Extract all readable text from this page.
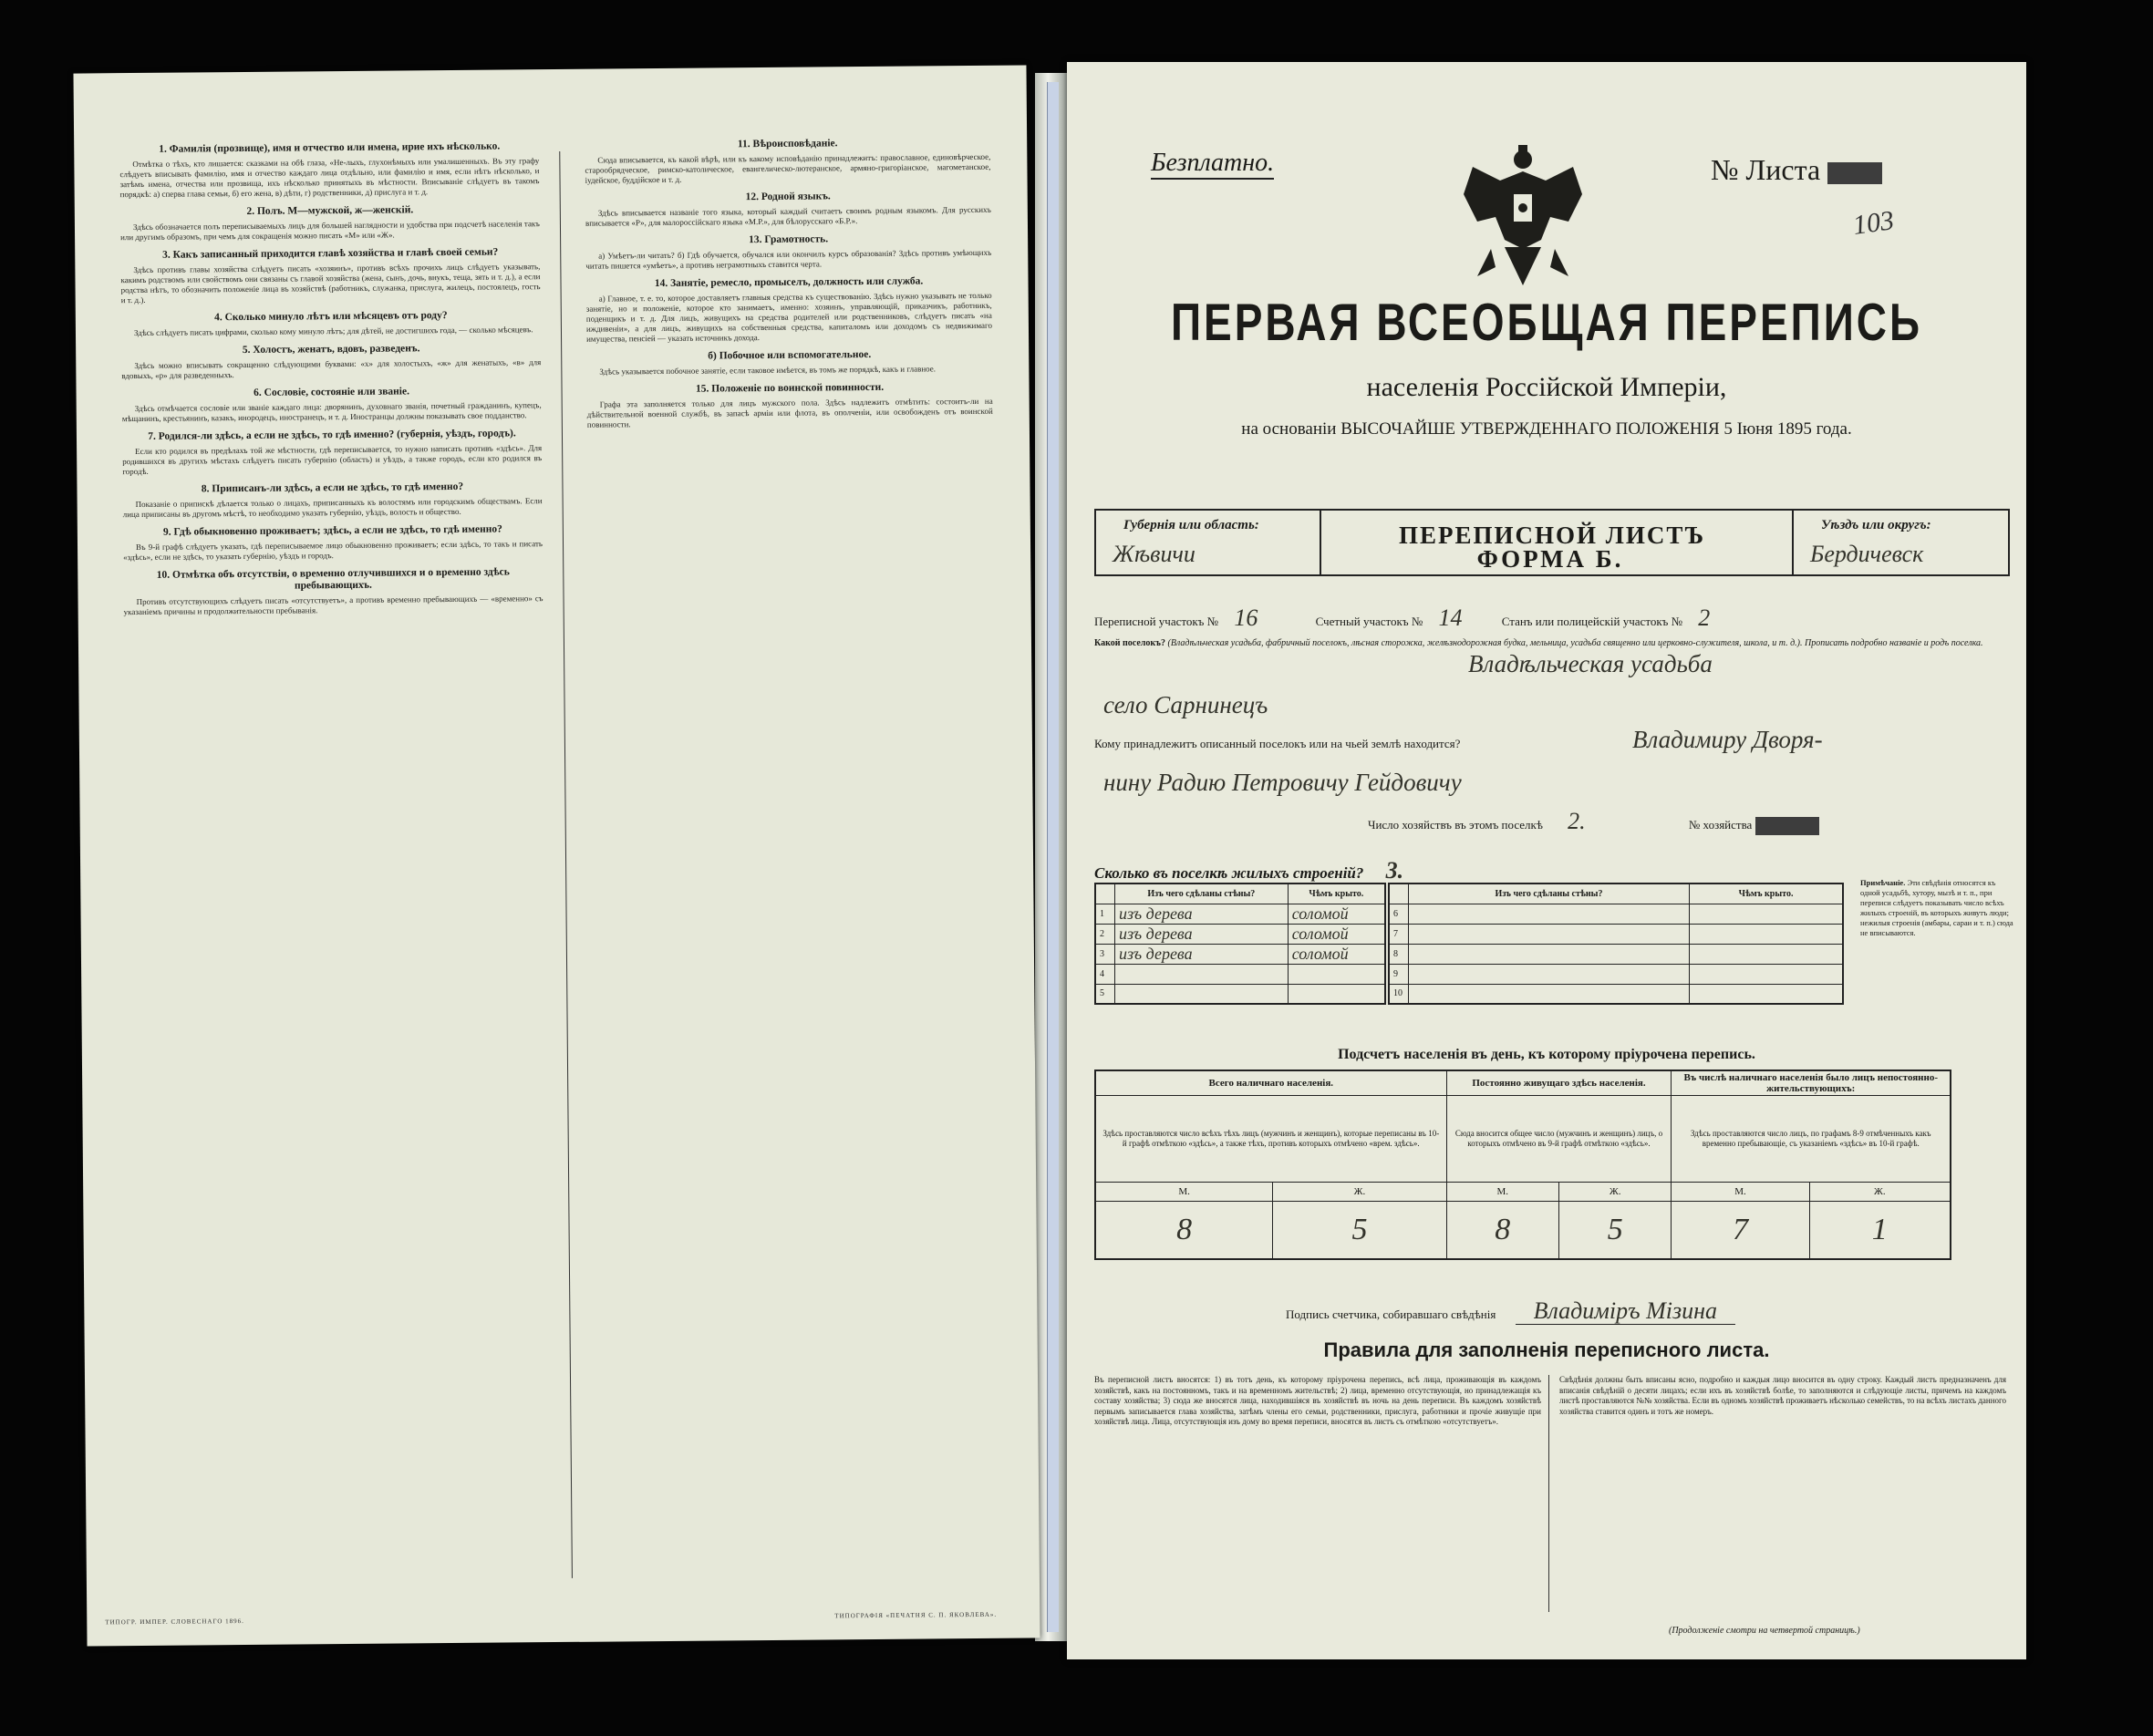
1. Фамилія (прозвище), имя и отчество или именa, ирие ихъ нѣсколько.
Отмѣтка о тѣхъ, кто лишается: сказками на обѣ глаза, «Не-лыхъ, глухонѣмыхъ или умалишенныхъ. Въ эту графу слѣдуетъ вписывать фамилію, имя и отчество каждаго лица отдѣльно, или фамилію и имя, если нѣтъ нѣсколько, и затѣмъ имена, отчества или прозвища, ихъ нѣсколько принятыхъ въ мѣстности. Вписываніе слѣдуетъ въ такомъ порядкѣ: а) сперва глава семьи, б) его жена, в) дѣти, г) родственники, д) прислуга и т. д.
2. Полъ. М—мужской, ж—женскій.
Здѣсь обозначается полъ переписываемыхъ лицъ для большей наглядности и удобства при подсчетѣ населенія такъ или другимъ образомъ, при чемъ для сокращенія можно писать «М» или «Ж».
3. Какъ записанный приходится главѣ хозяйства и главѣ своей семьи?
Здѣсь противъ главы хозяйства слѣдуетъ писать «хозяинъ», противъ всѣхъ прочихъ лицъ слѣдуетъ указывать, какимъ родствомъ или свойствомъ они связаны съ главой хозяйства (жена, сынъ, дочь, внукъ, теща, зять и т. д.), а если родства нѣтъ, то обозначить положеніе лица въ хозяйствѣ (работникъ, служанка, прислуга, жилецъ, постоялецъ, гость и т. д.).
4. Сколько минуло лѣтъ или мѣсяцевъ отъ роду?
Здѣсь слѣдуетъ писать цифрами, сколько кому минуло лѣтъ; для дѣтей, не достигшихъ года, — сколько мѣсяцевъ.
5. Холостъ, женатъ, вдовъ, разведенъ.
Здѣсь можно вписывать сокращенно слѣдующими буквами: «х» для холостыхъ, «ж» для женатыхъ, «в» для вдовыхъ, «р» для разведенныхъ.
6. Сословіе, состояніе или званіе.
Здѣсь отмѣчается сословіе или званіе каждаго лица: дворянинъ, духовнаго званія, почетный гражданинъ, купецъ, мѣщанинъ, крестьянинъ, казакъ, инородецъ, иностранецъ, и т. д. Иностранцы должны показывать свое подданство.
7. Родился-ли здѣсь, а если не здѣсь, то гдѣ именно? (губернія, уѣздъ, городъ).
Если кто родился въ предѣлахъ той же мѣстности, гдѣ переписывается, то нужно написать противъ «здѣсь». Для родившихся въ другихъ мѣстахъ слѣдуетъ писать губернію (область) и уѣздъ, а также городъ, если кто родился въ городѣ.
8. Приписанъ-ли здѣсь, а если не здѣсь, то гдѣ именно?
Показаніе о припискѣ дѣлается только о лицахъ, приписанныхъ къ волостямъ или городскимъ обществамъ. Если лица приписаны въ другомъ мѣстѣ, то необходимо указать губернію, уѣздъ, волость и общество.
9. Гдѣ обыкновенно проживаетъ; здѣсь, а если не здѣсь, то гдѣ именно?
Въ 9-й графѣ слѣдуетъ указать, гдѣ переписываемое лицо обыкновенно проживаетъ; если здѣсь, то такъ и писать «здѣсь», если не здѣсь, то указать губернію, уѣздъ и городъ.
10. Отмѣтка объ отсутствіи, о временно отлучившихся и о временно здѣсь пребывающихъ.
Противъ отсутствующихъ слѣдуетъ писать «отсутствуетъ», а противъ временно пребывающихъ — «временно» съ указаніемъ причины и продолжительности пребыванія.
11. Вѣроисповѣданіе.
Сюда вписывается, къ какой вѣрѣ, или къ какому исповѣданію принадлежитъ: православное, единовѣрческое, старообрядческое, римско-католическое, евангелическо-лютеранское, армяно-григоріанское, магометанское, іудейское, буддійское и т. д.
12. Родной языкъ.
Здѣсь вписывается названіе того языка, который каждый считаетъ своимъ родным языкомъ. Для русскихъ вписывается «Р», для малороссійскаго языка «М.Р.», для бѣлорусскаго «Б.Р.».
13. Грамотность.
а) Умѣетъ-ли читать? б) Гдѣ обучается, обучался или окончилъ курсъ образованія? Здѣсь противъ умѣющихъ читать пишется «умѣетъ», а противъ неграмотныхъ ставится черта.
14. Занятіе, ремесло, промыселъ, должность или служба.
а) Главное, т. е. то, которое доставляетъ главныя средства къ существованію. Здѣсь нужно указывать не только занятіе, но и положеніе, которое кто занимаетъ, именно: хозяинъ, управляющій, приказчикъ, работникъ, поденщикъ и т. д. Для лицъ, живущихъ на средства родителей или родственниковъ, слѣдуетъ писать «на иждивеніи», а для лицъ, живущихъ на собственныя средства, капиталомъ или доходомъ съ недвижимаго имущества, пенсіей — указать источникъ дохода.
б) Побочное или вспомогательное.
Здѣсь указывается побочное занятіе, если таковое имѣется, въ томъ же порядкѣ, какъ и главное.
15. Положеніе по воинской повинности.
Графа эта заполняется только для лицъ мужского пола. Здѣсь надлежитъ отмѣтить: состоитъ-ли на дѣйствительной военной службѣ, въ запасѣ армiи или флота, въ ополченіи, или освобожденъ отъ воинской повинности.
ТИПОГР. ИМПЕР. СЛОВЕСНАГО 1896.
ТИПОГРАФІЯ «ПЕЧАТНЯ С. П. ЯКОВЛЕВА».
Безплатно.	№ Листа
103
ПЕРВАЯ ВСЕОБЩАЯ ПЕРЕПИСЬ
населенія Россійской Имперіи,
на основаніи ВЫСОЧАЙШЕ УТВЕРЖДЕННАГО ПОЛОЖЕНІЯ 5 Іюня 1895 года.
Губернія или область:
Жѣвичи
ПЕРЕПИСНОЙ ЛИСТЪ	Уѣздъ или округъ:
Бердичевск
ФОРМА Б.
Переписной участокъ № 16	Счетный участокъ № 14	Станъ или полицейскій участокъ № 2
Какой поселокъ? (Владѣльческая усадьба, фабричный поселокъ, лѣсная сторожка, желѣзнодорожная будка, мельница, усадьба священно или церковно-служителя, школа, и т. д.). Прописать подробно названіе и родъ поселка.
Владѣльческая усадьба
село Сарнинецъ
Кому принадлежитъ описанный поселокъ или на чьей землѣ находится?	Владимиру Дворя-
нину Радию Петровичу Гейдовичу
Число хозяйствъ въ этомъ поселкѣ 2.	№ хозяйства
Сколько въ поселкѣ жилыхъ строеній? 3.
	Изъ чего сдѣланы стѣны?	Чѣмъ крыто.
1	изъ дерева	соломой
2	изъ дерева	соломой
3	изъ дерева	соломой
4		
5		
	Изъ чего сдѣланы стѣны?	Чѣмъ крыто.
6		
7		
8		
9		
10		
Примѣчаніе. Эти свѣдѣнія относятся къ одной усадьбѣ, хутору, мызѣ и т. п., при переписи слѣдуетъ показывать число всѣхъ жилыхъ строеній, въ которыхъ живутъ люди; нежилыя строенія (амбары, сараи и т. п.) сюда не вписываются.
Подсчетъ населенія въ день, къ которому пріурочена перепись.
Всего наличнаго населенія.		Постоянно живущаго здѣсь населенія.		Въ числѣ наличнаго населенія было лицъ непостоянно-жительствующихъ:	
Здѣсь проставляются число всѣхъ тѣхъ лицъ (мужчинъ и женщинъ), которые переписаны въ 10-й графѣ отмѣткою «здѣсь», а также тѣхъ, противъ которыхъ отмѣчено «врем. здѣсь».		Сюда вносится общее число (мужчинъ и женщинъ) лицъ, о которыхъ отмѣчено въ 9-й графѣ отмѣткою «здѣсь».		Здѣсь проставляются число лицъ, по графамъ 8-9 отмѣченныхъ какъ временно пребывающіе, съ указаніемъ «здѣсь» въ 10-й графѣ.	
М.	Ж.	М.	Ж.	М.	Ж.
8	5	8	5	7	1
Подпись счетчика, собиравшаго свѣдѣнія Владиміръ Мізина
Правила для заполненія переписного листа.
Въ переписной листъ вносятся: 1) въ тотъ день, къ которому пріурочена перепись, всѣ лица, проживающія въ каждомъ хозяйствѣ, какъ на постоянномъ, такъ и на временномъ жительствѣ; 2) лица, временно отсутствующія, но принадлежащія къ составу хозяйства; 3) сюда же вносятся лица, находившіяся въ хозяйствѣ въ ночь на день переписи. Въ каждомъ хозяйствѣ первымъ записывается глава хозяйства, затѣмъ члены его семьи, родственники, прислуга, работники и прочіе живущіе при хозяйствѣ лица. Лица, отсутствующія изъ дому во время переписи, вносятся въ листъ съ отмѣткою «отсутствуетъ».
Свѣдѣнія должны быть вписаны ясно, подробно и каждыя лицо вносится въ одну строку. Каждый листъ предназначенъ для вписанія свѣдѣній о десяти лицахъ; если ихъ въ хозяйствѣ болѣе, то заполняются и слѣдующіе листы, причемъ на каждомъ листѣ проставляются №№ хозяйства. Если въ одномъ хозяйствѣ проживаетъ нѣсколько семействъ, то на всѣхъ листахъ данного хозяйства ставится одинъ и тотъ же номеръ.
(Продолженіе смотри на четвертой страницѣ.)
